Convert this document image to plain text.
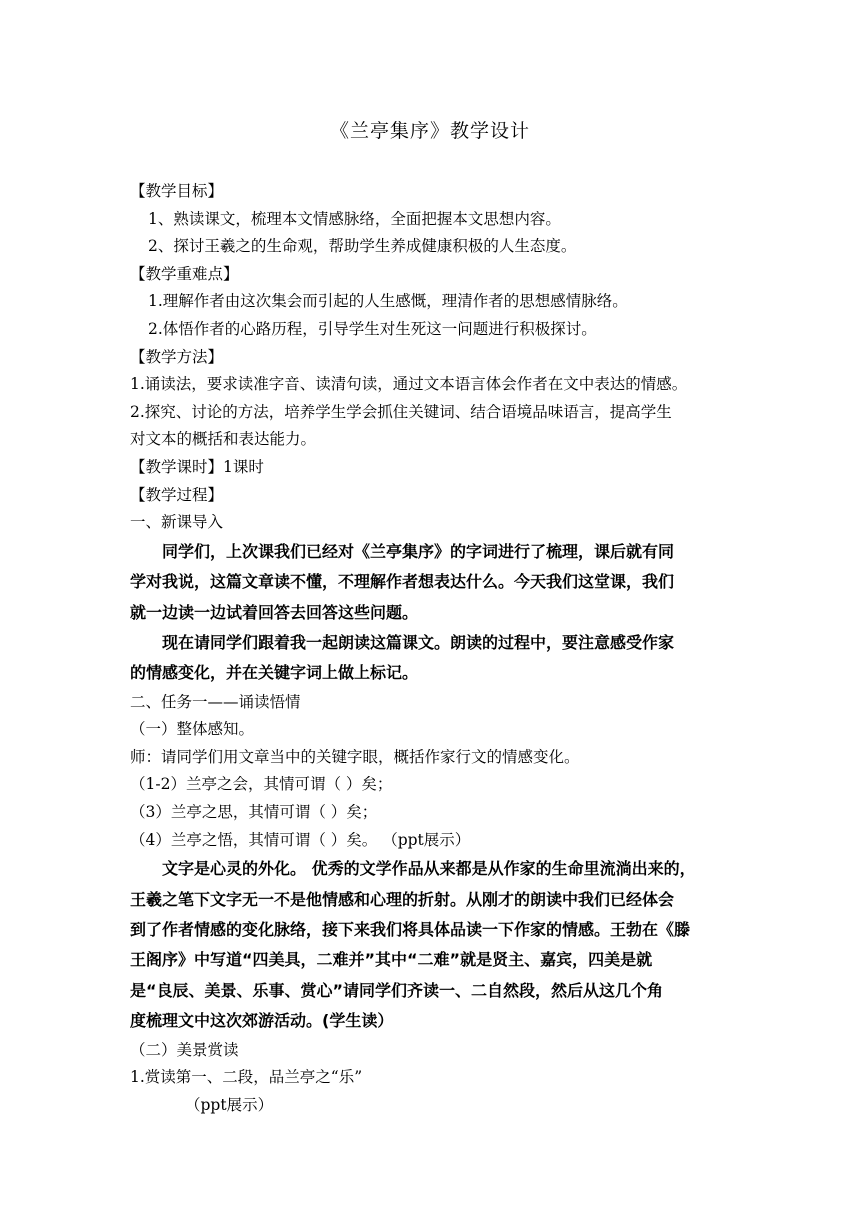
《兰亭集序》教学设计
【教学目标】
1、熟读课文，梳理本文情感脉络，全面把握本文思想内容。
2、探讨王羲之的生命观，帮助学生养成健康积极的人生态度。
【教学重难点】
1.理解作者由这次集会而引起的人生感慨，理清作者的思想感情脉络。
2.体悟作者的心路历程，引导学生对生死这一问题进行积极探讨。
【教学方法】
1.诵读法，要求读准字音、读清句读，通过文本语言体会作者在文中表达的情感。
2.探究、讨论的方法，培养学生学会抓住关键词、结合语境品味语言，提高学生
对文本的概括和表达能力。
【教学课时】1课时
【教学过程】
一、新课导入
同学们，上次课我们已经对《兰亭集序》的字词进行了梳理，课后就有同
学对我说，这篇文章读不懂，不理解作者想表达什么。今天我们这堂课，我们
就一边读一边试着回答去回答这些问题。
现在请同学们跟着我一起朗读这篇课文。朗读的过程中，要注意感受作家
的情感变化，并在关键字词上做上标记。
二、任务一——诵读悟情
（一）整体感知。
师：请同学们用文章当中的关键字眼，概括作家行文的情感变化。
（1-2）兰亭之会，其情可谓（ ）矣；
（3）兰亭之思，其情可谓（ ）矣；
（4）兰亭之悟，其情可谓（ ）矣。 （ppt展示）
文字是心灵的外化。 优秀的文学作品从来都是从作家的生命里流淌出来的，
王羲之笔下文字无一不是他情感和心理的折射。从刚才的朗读中我们已经体会
到了作者情感的变化脉络，接下来我们将具体品读一下作家的情感。王勃在《滕
王阁序》中写道“四美具，二难并”其中“二难”就是贤主、嘉宾，四美是就
是“良辰、美景、乐事、赏心”请同学们齐读一、二自然段，然后从这几个角
度梳理文中这次郊游活动。(学生读）
（二）美景赏读
1.赏读第一、二段，品兰亭之“乐”
（ppt展示）
